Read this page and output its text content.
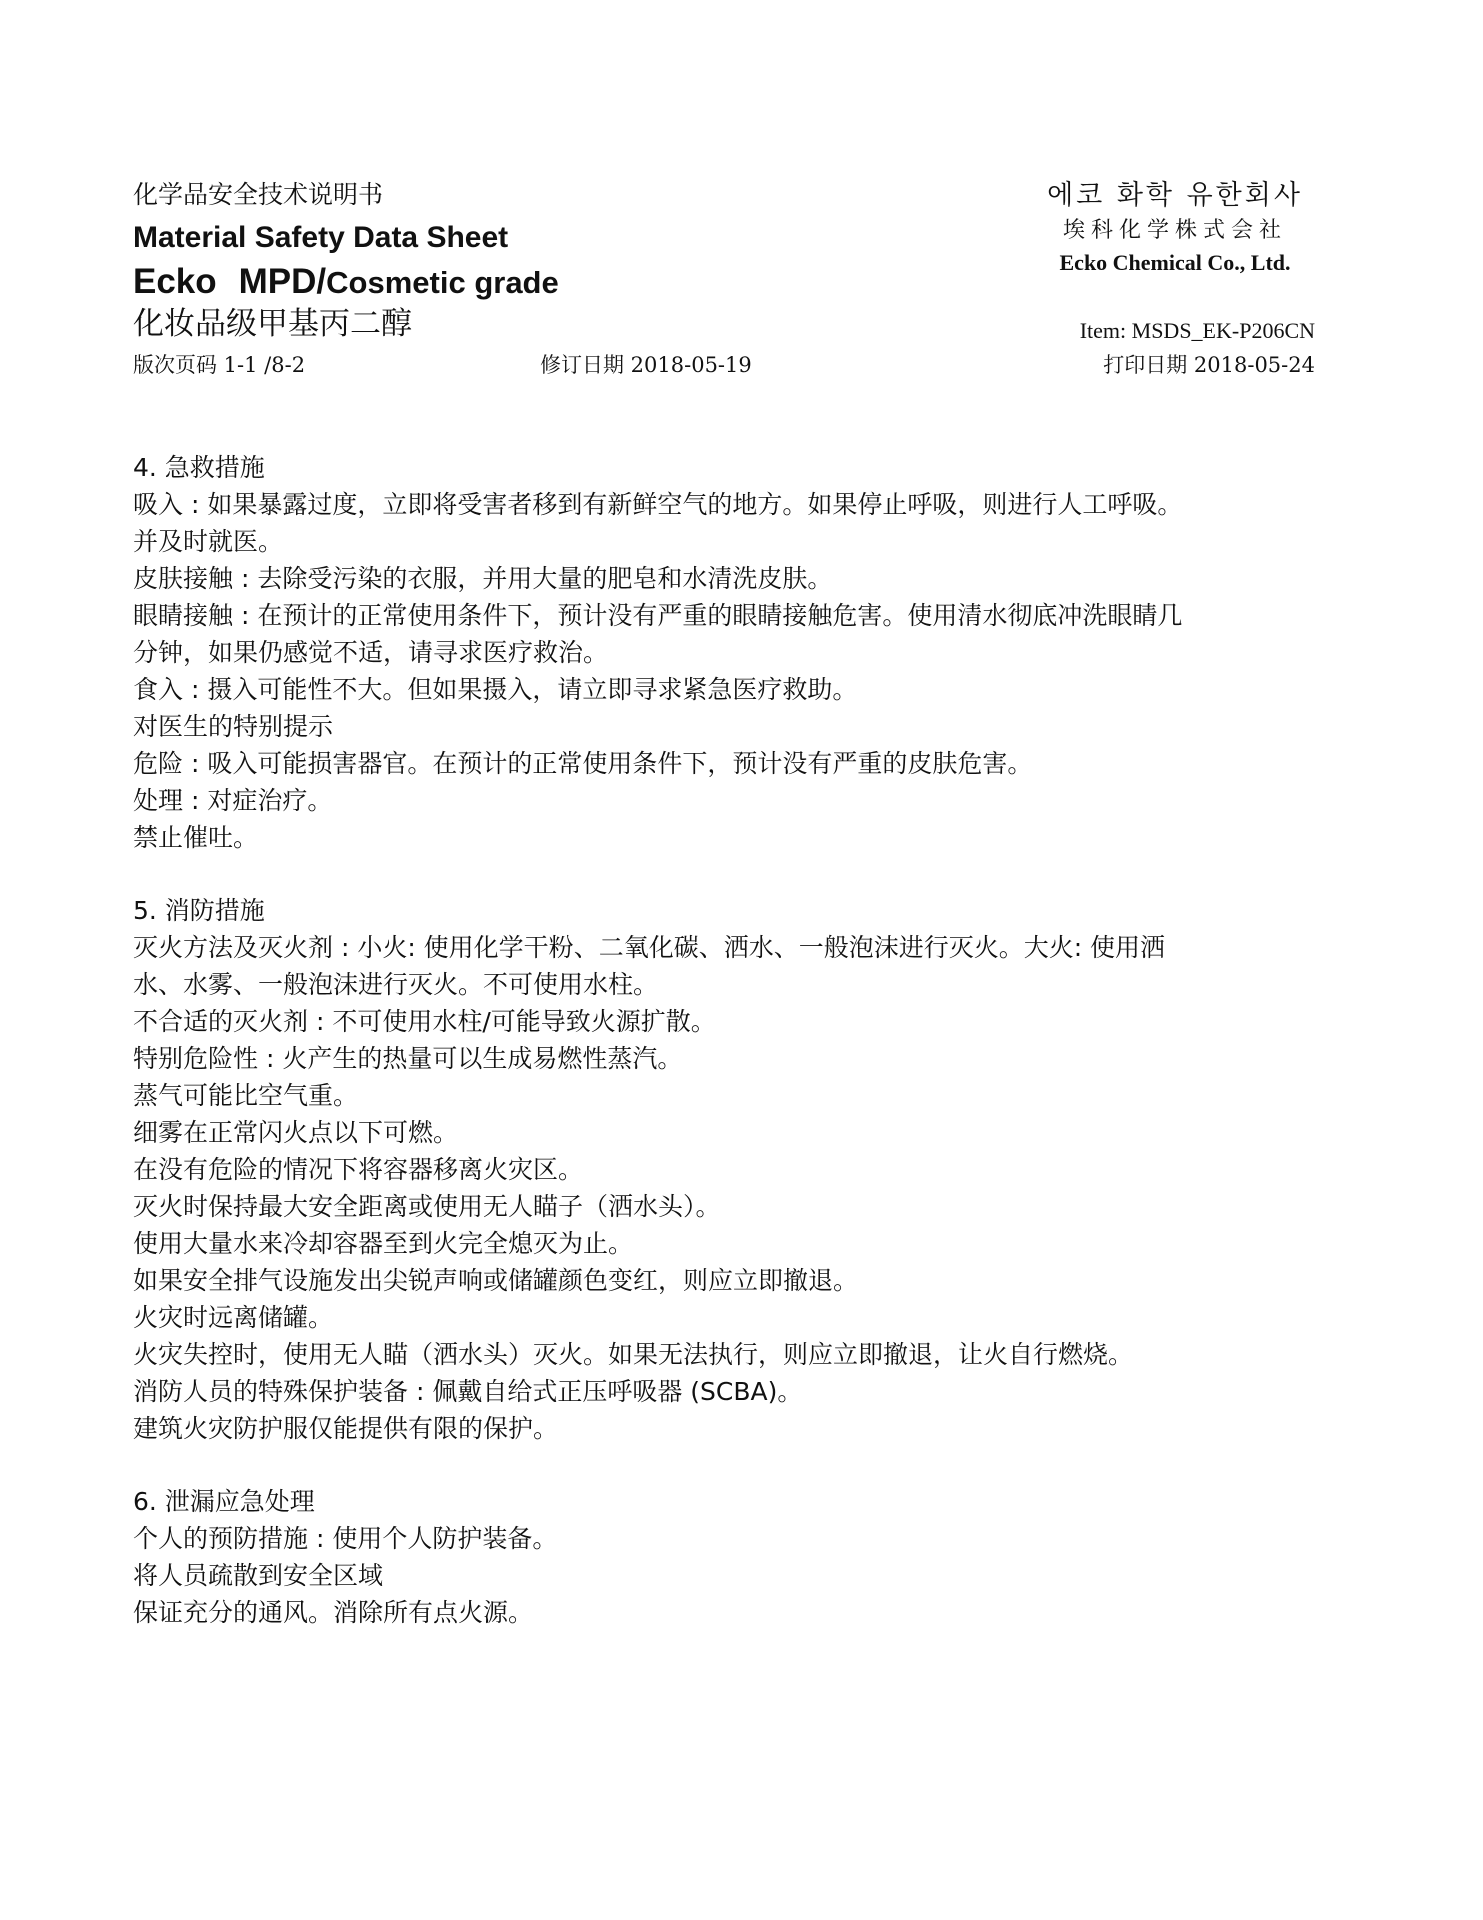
化学品安全技术说明书
Material Safety Data Sheet
Ecko MPD/Cosmetic grade
化妆品级甲基丙二醇
에코 화학 유한회사
埃科化学株式会社
Ecko Chemical Co., Ltd.
Item: MSDS_EK-P206CN
版次页码 1-1 /8-2	修订日期 2018-05-19	打印日期 2018-05-24
4. 急救措施
吸入 : 如果暴露过度，立即将受害者移到有新鲜空气的地方。如果停止呼吸，则进行人工呼吸。
并及时就医。
皮肤接触 : 去除受污染的衣服，并用大量的肥皂和水清洗皮肤。
眼睛接触 : 在预计的正常使用条件下，预计没有严重的眼睛接触危害。使用清水彻底冲洗眼睛几
分钟，如果仍感觉不适，请寻求医疗救治。
食入 : 摄入可能性不大。但如果摄入，请立即寻求紧急医疗救助。
对医生的特别提示
危险 : 吸入可能损害器官。在预计的正常使用条件下，预计没有严重的皮肤危害。
处理 : 对症治疗。
禁止催吐。
5. 消防措施
灭火方法及灭火剂 : 小火: 使用化学干粉、二氧化碳、洒水、一般泡沫进行灭火。大火: 使用洒
水、水雾、一般泡沫进行灭火。不可使用水柱。
不合适的灭火剂 : 不可使用水柱/可能导致火源扩散。
特别危险性 : 火产生的热量可以生成易燃性蒸汽。
蒸气可能比空气重。
细雾在正常闪火点以下可燃。
在没有危险的情况下将容器移离火灾区。
灭火时保持最大安全距离或使用无人瞄子（洒水头）。
使用大量水来冷却容器至到火完全熄灭为止。
如果安全排气设施发出尖锐声响或储罐颜色变红，则应立即撤退。
火灾时远离储罐。
火灾失控时，使用无人瞄（洒水头）灭火。如果无法执行，则应立即撤退，让火自行燃烧。
消防人员的特殊保护装备 : 佩戴自给式正压呼吸器 (SCBA)。
建筑火灾防护服仅能提供有限的保护。
6. 泄漏应急处理
个人的预防措施 : 使用个人防护装备。
将人员疏散到安全区域
保证充分的通风。消除所有点火源。
